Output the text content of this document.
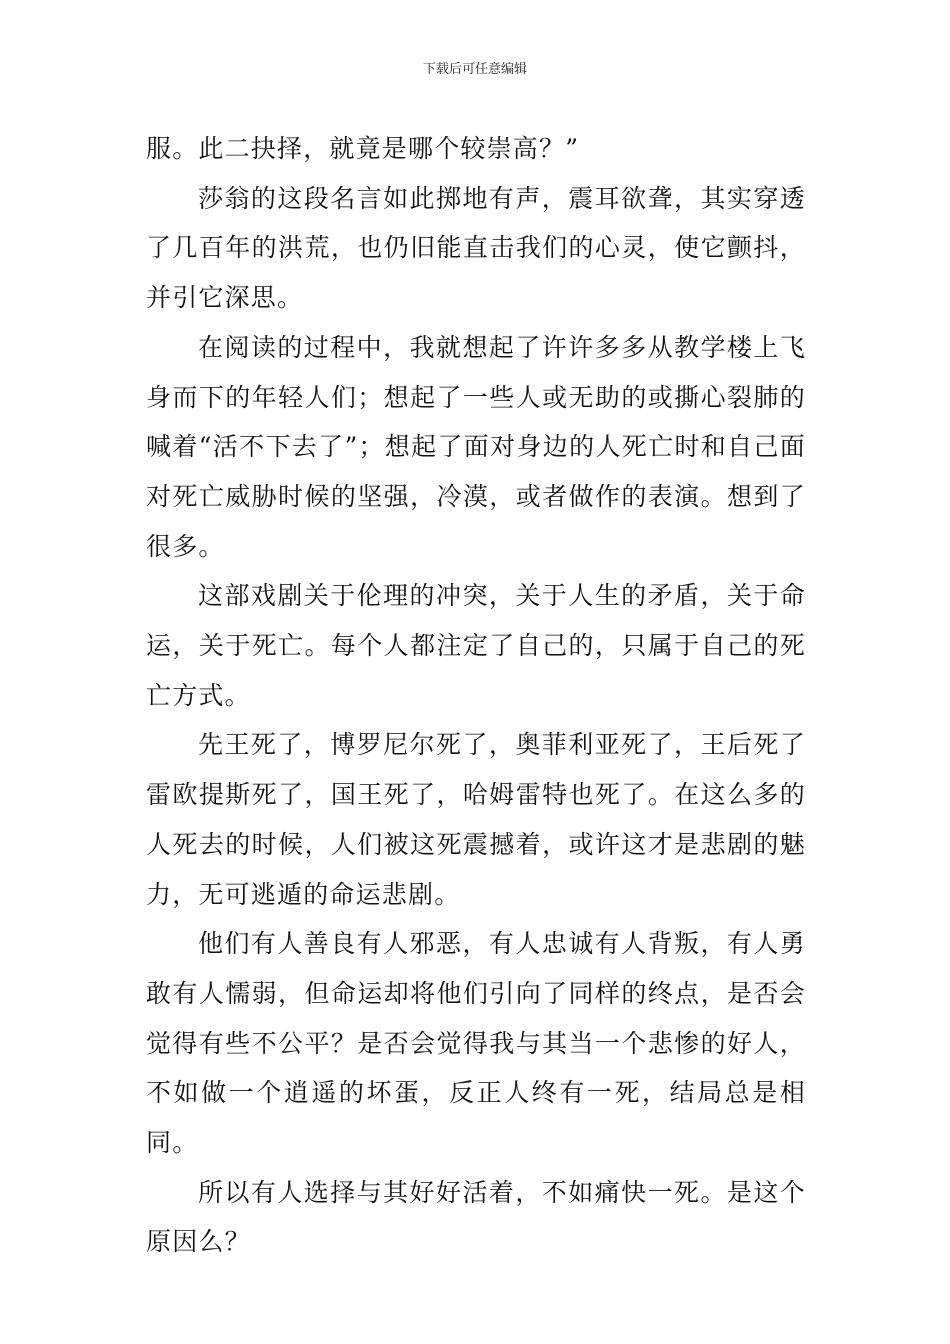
下载后可任意编辑

服。此二抉择，就竟是哪个较崇高？”

莎翁的这段名言如此掷地有声，震耳欲聋，其实穿透了几百年的洪荒，也仍旧能直击我们的心灵，使它颤抖，并引它深思。

在阅读的过程中，我就想起了许许多多从教学楼上飞身而下的年轻人们；想起了一些人或无助的或撕心裂肺的喊着“活不下去了”；想起了面对身边的人死亡时和自己面对死亡威胁时候的坚强，冷漠，或者做作的表演。想到了很多。

这部戏剧关于伦理的冲突，关于人生的矛盾，关于命运，关于死亡。每个人都注定了自己的，只属于自己的死亡方式。

先王死了，博罗尼尔死了，奥菲利亚死了，王后死了雷欧提斯死了，国王死了，哈姆雷特也死了。在这么多的人死去的时候，人们被这死震撼着，或许这才是悲剧的魅力，无可逃遁的命运悲剧。

他们有人善良有人邪恶，有人忠诚有人背叛，有人勇敢有人懦弱，但命运却将他们引向了同样的终点，是否会觉得有些不公平？是否会觉得我与其当一个悲惨的好人，不如做一个逍遥的坏蛋，反正人终有一死，结局总是相同。

所以有人选择与其好好活着，不如痛快一死。是这个原因么？
